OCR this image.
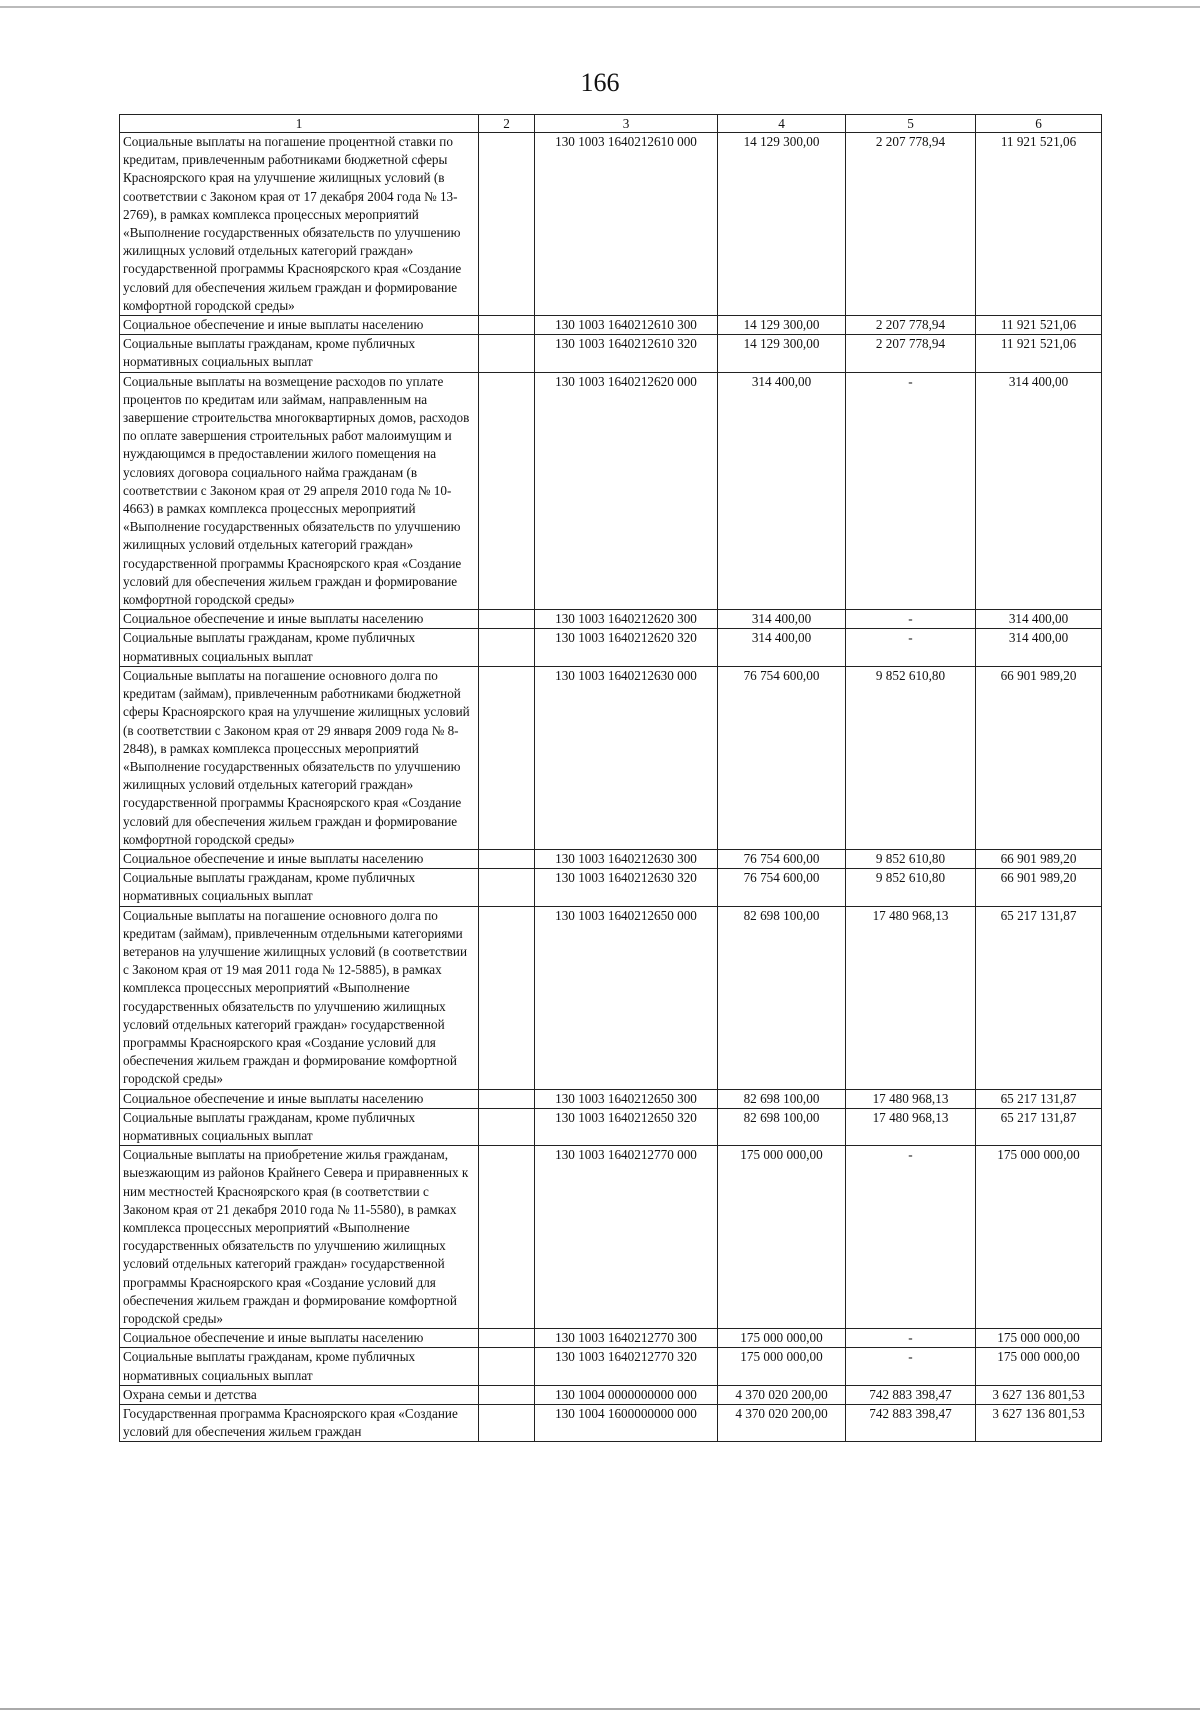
166
1	2	3	4	5	6
Социальные выплаты на погашение процентной ставки по кредитам, привлеченным работниками бюджетной сферы Красноярского края на улучшение жилищных условий (в соответствии с Законом края от 17 декабря 2004 года № 13-2769), в рамках комплекса процессных мероприятий «Выполнение государственных обязательств по улучшению жилищных условий отдельных категорий граждан» государственной программы Красноярского края «Создание условий для обеспечения жильем граждан и формирование комфортной городской среды»		130 1003 1640212610 000	14 129 300,00	2 207 778,94	11 921 521,06
Социальное обеспечение и иные выплаты населению		130 1003 1640212610 300	14 129 300,00	2 207 778,94	11 921 521,06
Социальные выплаты гражданам, кроме публичных нормативных социальных выплат		130 1003 1640212610 320	14 129 300,00	2 207 778,94	11 921 521,06
Социальные выплаты на возмещение расходов по уплате процентов по кредитам или займам, направленным на завершение строительства многоквартирных домов, расходов по оплате завершения строительных работ малоимущим и нуждающимся в предоставлении жилого помещения на условиях договора социального найма гражданам (в соответствии с Законом края от 29 апреля 2010 года № 10-4663) в рамках комплекса процессных мероприятий «Выполнение государственных обязательств по улучшению жилищных условий отдельных категорий граждан» государственной программы Красноярского края «Создание условий для обеспечения жильем граждан и формирование комфортной городской среды»		130 1003 1640212620 000	314 400,00	-	314 400,00
Социальное обеспечение и иные выплаты населению		130 1003 1640212620 300	314 400,00	-	314 400,00
Социальные выплаты гражданам, кроме публичных нормативных социальных выплат		130 1003 1640212620 320	314 400,00	-	314 400,00
Социальные выплаты на погашение основного долга по кредитам (займам), привлеченным работниками бюджетной сферы Красноярского края на улучшение жилищных условий (в соответствии с Законом края от 29 января 2009 года № 8-2848), в рамках комплекса процессных мероприятий «Выполнение государственных обязательств по улучшению жилищных условий отдельных категорий граждан» государственной программы Красноярского края «Создание условий для обеспечения жильем граждан и формирование комфортной городской среды»		130 1003 1640212630 000	76 754 600,00	9 852 610,80	66 901 989,20
Социальное обеспечение и иные выплаты населению		130 1003 1640212630 300	76 754 600,00	9 852 610,80	66 901 989,20
Социальные выплаты гражданам, кроме публичных нормативных социальных выплат		130 1003 1640212630 320	76 754 600,00	9 852 610,80	66 901 989,20
Социальные выплаты на погашение основного долга по кредитам (займам), привлеченным отдельными категориями ветеранов на улучшение жилищных условий (в соответствии с Законом края от 19 мая 2011 года № 12-5885), в рамках комплекса процессных мероприятий «Выполнение государственных обязательств по улучшению жилищных условий отдельных категорий граждан» государственной программы Красноярского края «Создание условий для обеспечения жильем граждан и формирование комфортной городской среды»		130 1003 1640212650 000	82 698 100,00	17 480 968,13	65 217 131,87
Социальное обеспечение и иные выплаты населению		130 1003 1640212650 300	82 698 100,00	17 480 968,13	65 217 131,87
Социальные выплаты гражданам, кроме публичных нормативных социальных выплат		130 1003 1640212650 320	82 698 100,00	17 480 968,13	65 217 131,87
Социальные выплаты на приобретение жилья гражданам, выезжающим из районов Крайнего Севера и приравненных к ним местностей Красноярского края (в соответствии с Законом края от 21 декабря 2010 года № 11-5580), в рамках комплекса процессных мероприятий «Выполнение государственных обязательств по улучшению жилищных условий отдельных категорий граждан» государственной программы Красноярского края «Создание условий для обеспечения жильем граждан и формирование комфортной городской среды»		130 1003 1640212770 000	175 000 000,00	-	175 000 000,00
Социальное обеспечение и иные выплаты населению		130 1003 1640212770 300	175 000 000,00	-	175 000 000,00
Социальные выплаты гражданам, кроме публичных нормативных социальных выплат		130 1003 1640212770 320	175 000 000,00	-	175 000 000,00
Охрана семьи и детства		130 1004 0000000000 000	4 370 020 200,00	742 883 398,47	3 627 136 801,53
Государственная программа Красноярского края «Создание условий для обеспечения жильем граждан		130 1004 1600000000 000	4 370 020 200,00	742 883 398,47	3 627 136 801,53
